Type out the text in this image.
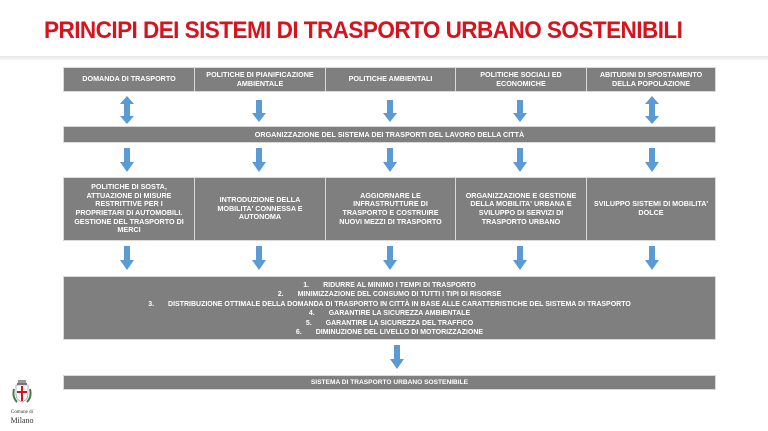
PRINCIPI DEI SISTEMI DI TRASPORTO URBANO SOSTENIBILI
DOMANDA DI TRASPORTO	POLITICHE DI PIANIFICAZIONE AMBIENTALE	POLITICHE AMBIENTALI	POLITICHE SOCIALI ED ECONOMICHE
ABITUDINI DI SPOSTAMENTO DELLA POPOLAZIONE
ORGANIZZAZIONE DEL SISTEMA DEI TRASPORTI DEL LAVORO DELLA CITTÀ
POLITICHE DI SOSTA, ATTUAZIONE DI MISURE RESTRITTIVE PER I PROPRIETARI DI AUTOMOBILI. GESTIONE DEL TRASPORTO DI MERCI
INTRODUZIONE DELLA MOBILITA' CONNESSA E AUTONOMA
AGGIORNARE LE INFRASTRUTTURE DI TRASPORTO E COSTRUIRE NUOVI MEZZI DI TRASPORTO
ORGANIZZAZIONE E GESTIONE DELLA MOBILITA' URBANA E SVILUPPO DI SERVIZI DI TRASPORTO URBANO
SVILUPPO SISTEMI DI MOBILITA' DOLCE
1. RIDURRE AL MINIMO I TEMPI DI TRASPORTO
2. MINIMIZZAZIONE DEL CONSUMO DI TUTTI I TIPI DI RISORSE
3. DISTRIBUZIONE OTTIMALE DELLA DOMANDA DI TRASPORTO IN CITTÀ IN BASE ALLE CARATTERISTICHE DEL SISTEMA DI TRASPORTO
4. GARANTIRE LA SICUREZZA AMBIENTALE
5. GARANTIRE LA SICUREZZA DEL TRAFFICO
6. DIMINUZIONE DEL LIVELLO DI MOTORIZZAZIONE
SISTEMA DI TRASPORTO URBANO SOSTENIBILE
Comune di
Milano
